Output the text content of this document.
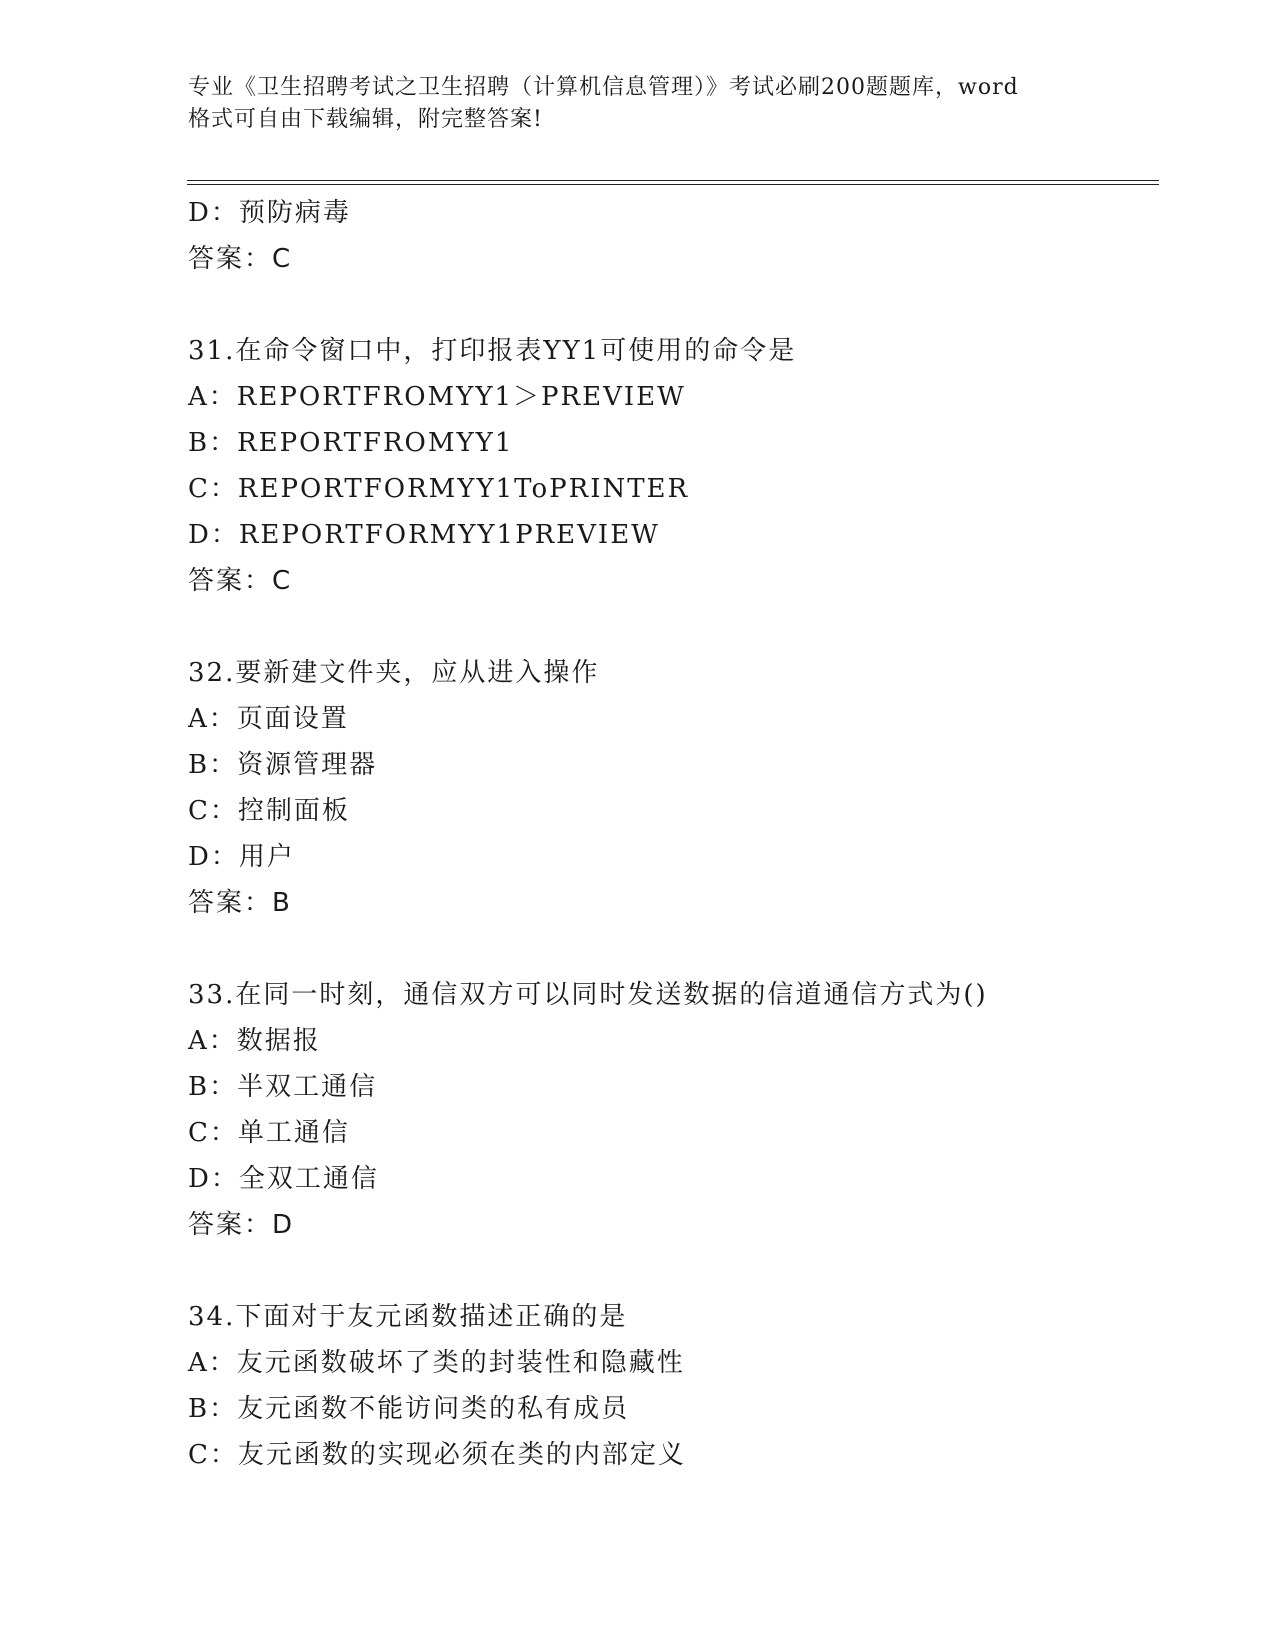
专业《卫生招聘考试之卫生招聘（计算机信息管理）》考试必刷200题题库，word
格式可自由下载编辑，附完整答案!
D：预防病毒
答案：C
31.在命令窗口中，打印报表YY1可使用的命令是
A：REPORTFROMYY1＞PREVIEW
B：REPORTFROMYY1
C：REPORTFORMYY1ToPRINTER
D：REPORTFORMYY1PREVIEW
答案：C
32.要新建文件夹，应从进入操作
A：页面设置
B：资源管理器
C：控制面板
D：用户
答案：B
33.在同一时刻，通信双方可以同时发送数据的信道通信方式为()
A：数据报
B：半双工通信
C：单工通信
D：全双工通信
答案：D
34.下面对于友元函数描述正确的是
A：友元函数破坏了类的封装性和隐藏性
B：友元函数不能访问类的私有成员
C：友元函数的实现必须在类的内部定义
